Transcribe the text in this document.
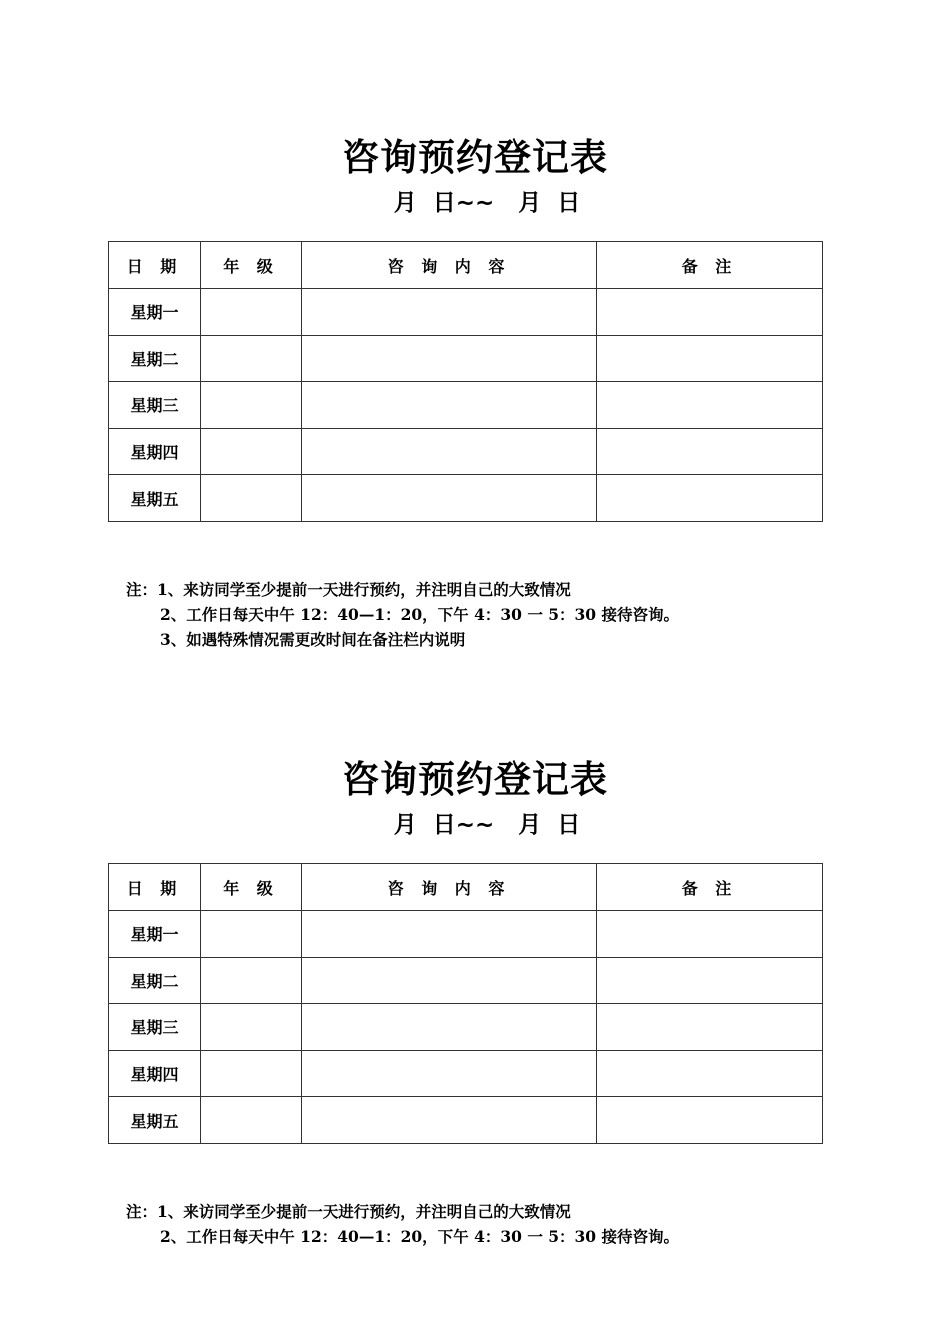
咨询预约登记表
月  日~~   月  日
日 期	年 级	咨 询 内 容	备 注
星期一			
星期二			
星期三			
星期四			
星期五			
注：1、来访同学至少提前一天进行预约，并注明自己的大致情况
2、工作日每天中午 12：40—1：20，下午 4：30 一 5：30 接待咨询。
3、如遇特殊情况需更改时间在备注栏内说明
咨询预约登记表
月  日~~   月  日
日 期	年 级	咨 询 内 容	备 注
星期一			
星期二			
星期三			
星期四			
星期五			
注：1、来访同学至少提前一天进行预约，并注明自己的大致情况
2、工作日每天中午 12：40—1：20，下午 4：30 一 5：30 接待咨询。
